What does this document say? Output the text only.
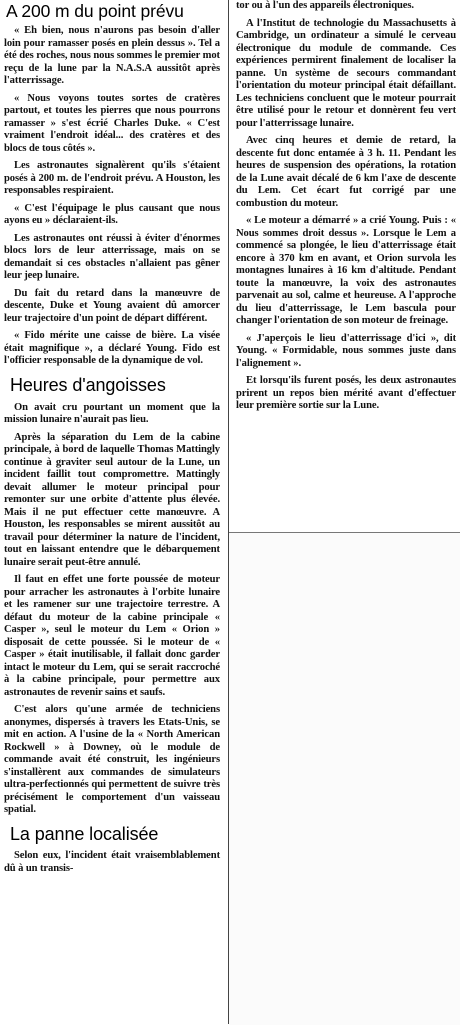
A 200 m du point prévu

« Eh bien, nous n'aurons pas besoin d'aller loin pour ramasser posés en plein dessus ». Tel a été des roches, nous nous sommes le premier mot reçu de la lune par la N.A.S.A aussitôt après l'atterrissage.

« Nous voyons toutes sortes de cratères partout, et toutes les pierres que nous pourrons ramasser » s'est écrié Charles Duke. « C'est vraiment l'endroit idéal... des cratères et des blocs de tous côtés ».

Les astronautes signalèrent qu'ils s'étaient posés à 200 m. de l'endroit prévu. A Houston, les responsables respiraient.

« C'est l'équipage le plus causant que nous ayons eu » déclaraient-ils.

Les astronautes ont réussi à éviter d'énormes blocs lors de leur atterrissage, mais on se demandait si ces obstacles n'allaient pas gêner leur jeep lunaire.

Du fait du retard dans la manœuvre de descente, Duke et Young avaient dû amorcer leur trajectoire d'un point de départ différent.

« Fido mérite une caisse de bière. La visée était magnifique », a déclaré Young. Fido est l'officier responsable de la dynamique de vol.

Heures d'angoisses

On avait cru pourtant un moment que la mission lunaire n'aurait pas lieu.

Après la séparation du Lem de la cabine principale, à bord de laquelle Thomas Mattingly continue à graviter seul autour de la Lune, un incident faillit tout compromettre. Mattingly devait allumer le moteur principal pour remonter sur une orbite d'attente plus élevée. Mais il ne put effectuer cette manœuvre. A Houston, les responsables se mirent aussitôt au travail pour déterminer la nature de l'incident, tout en laissant entendre que le débarquement lunaire serait peut-être annulé.

Il faut en effet une forte poussée de moteur pour arracher les astronautes à l'orbite lunaire et les ramener sur une trajectoire terrestre. A défaut du moteur de la cabine principale « Casper », seul le moteur du Lem « Orion » disposait de cette poussée. Si le moteur de « Casper » était inutilisable, il fallait donc garder intact le moteur du Lem, qui se serait raccroché à la cabine principale, pour permettre aux astronautes de revenir sains et saufs.

C'est alors qu'une armée de techniciens anonymes, dispersés à travers les Etats-Unis, se mit en action. A l'usine de la « North American Rockwell » à Downey, où le module de commande avait été construit, les ingénieurs s'installèrent aux commandes de simulateurs ultra-perfectionnés qui permettent de suivre très précisément le comportement d'un vaisseau spatial.

La panne localisée

Selon eux, l'incident était vraisemblablement dû à un transis-

tor ou à l'un des appareils électroniques.

A l'Institut de technologie du Massachusetts à Cambridge, un ordinateur a simulé le cerveau électronique du module de commande. Ces expériences permirent finalement de localiser la panne. Un système de secours commandant l'orientation du moteur principal était défaillant. Les techniciens concluent que le moteur pourrait être utilisé pour le retour et donnèrent feu vert pour l'atterrissage lunaire.

Avec cinq heures et demie de retard, la descente fut donc entamée à 3 h. 11. Pendant les heures de suspension des opérations, la rotation de la Lune avait décalé de 6 km l'axe de descente du Lem. Cet écart fut corrigé par une combustion du moteur.

« Le moteur a démarré » a crié Young. Puis : « Nous sommes droit dessus ». Lorsque le Lem a commencé sa plongée, le lieu d'atterrissage était encore à 370 km en avant, et Orion survola les montagnes lunaires à 16 km d'altitude. Pendant toute la manœuvre, la voix des astronautes parvenait au sol, calme et heureuse. A l'approche du lieu d'atterrissage, le Lem bascula pour changer l'orientation de son moteur de freinage.

« J'aperçois le lieu d'atterrissage d'ici », dit Young. « Formidable, nous sommes juste dans l'alignement ».

Et lorsqu'ils furent posés, les deux astronautes prirent un repos bien mérité avant d'effectuer leur première sortie sur la Lune.
